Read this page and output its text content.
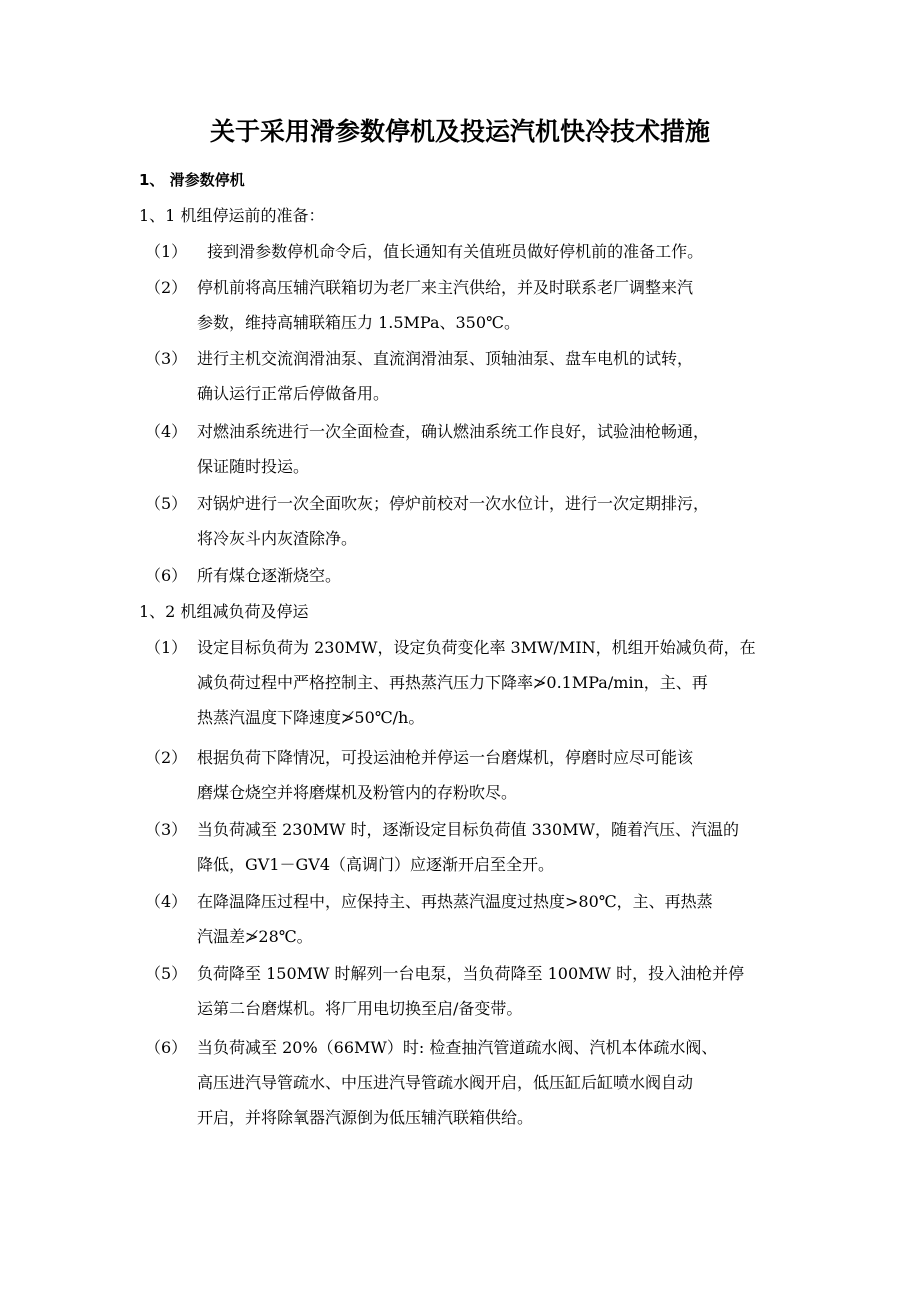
关于采用滑参数停机及投运汽机快冷技术措施
1、 滑参数停机
1、1 机组停运前的准备：
（1） 接到滑参数停机命令后，值长通知有关值班员做好停机前的准备工作。
（2） 停机前将高压辅汽联箱切为老厂来主汽供给，并及时联系老厂调整来汽
参数，维持高辅联箱压力 1.5MPa、350℃。
（3） 进行主机交流润滑油泵、直流润滑油泵、顶轴油泵、盘车电机的试转，
确认运行正常后停做备用。
（4） 对燃油系统进行一次全面检查，确认燃油系统工作良好，试验油枪畅通，
保证随时投运。
（5） 对锅炉进行一次全面吹灰；停炉前校对一次水位计，进行一次定期排污，
将冷灰斗内灰渣除净。
（6） 所有煤仓逐渐烧空。
1、2 机组减负荷及停运
（1） 设定目标负荷为 230MW，设定负荷变化率 3MW/MIN，机组开始减负荷，在
减负荷过程中严格控制主、再热蒸汽压力下降率≯0.1MPa/min，主、再
热蒸汽温度下降速度≯50℃/h。
（2） 根据负荷下降情况，可投运油枪并停运一台磨煤机，停磨时应尽可能该
磨煤仓烧空并将磨煤机及粉管内的存粉吹尽。
（3） 当负荷减至 230MW 时，逐渐设定目标负荷值 330MW，随着汽压、汽温的
降低，GV1－GV4（高调门）应逐渐开启至全开。
（4） 在降温降压过程中，应保持主、再热蒸汽温度过热度>80℃，主、再热蒸
汽温差≯28℃。
（5） 负荷降至 150MW 时解列一台电泵，当负荷降至 100MW 时，投入油枪并停
运第二台磨煤机。将厂用电切换至启/备变带。
（6） 当负荷减至 20%（66MW）时: 检查抽汽管道疏水阀、汽机本体疏水阀、
高压进汽导管疏水、中压进汽导管疏水阀开启，低压缸后缸喷水阀自动
开启，并将除氧器汽源倒为低压辅汽联箱供给。
